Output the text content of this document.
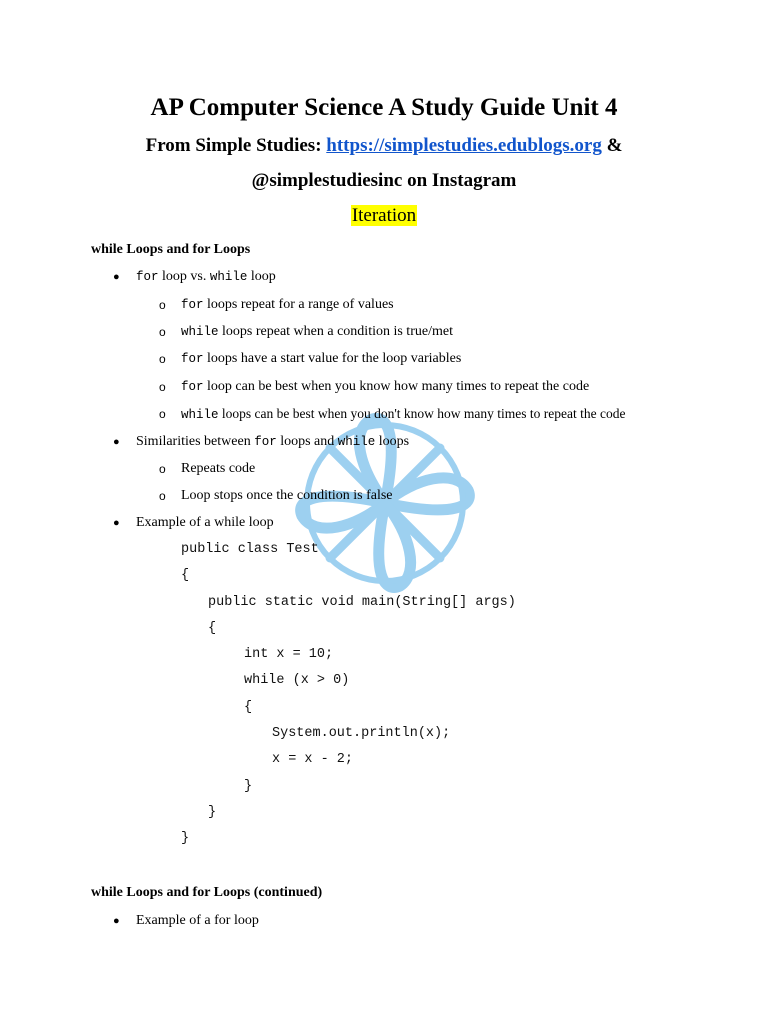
AP Computer Science A Study Guide Unit 4
From Simple Studies: https://simplestudies.edublogs.org &
@simplestudiesinc on Instagram
Iteration
while Loops and for Loops
● for loop vs. while loop
o for loops repeat for a range of values
o while loops repeat when a condition is true/met
o for loops have a start value for the loop variables
o for loop can be best when you know how many times to repeat the code
o while loops can be best when you don't know how many times to repeat the code
● Similarities between for loops and while loops
o Repeats code
o Loop stops once the condition is false
● Example of a while loop
public class Test
{
public static void main(String[] args)
{
int x = 10;
while (x > 0)
{
System.out.println(x);
x = x - 2;
}
}
}
while Loops and for Loops (continued)
● Example of a for loop
